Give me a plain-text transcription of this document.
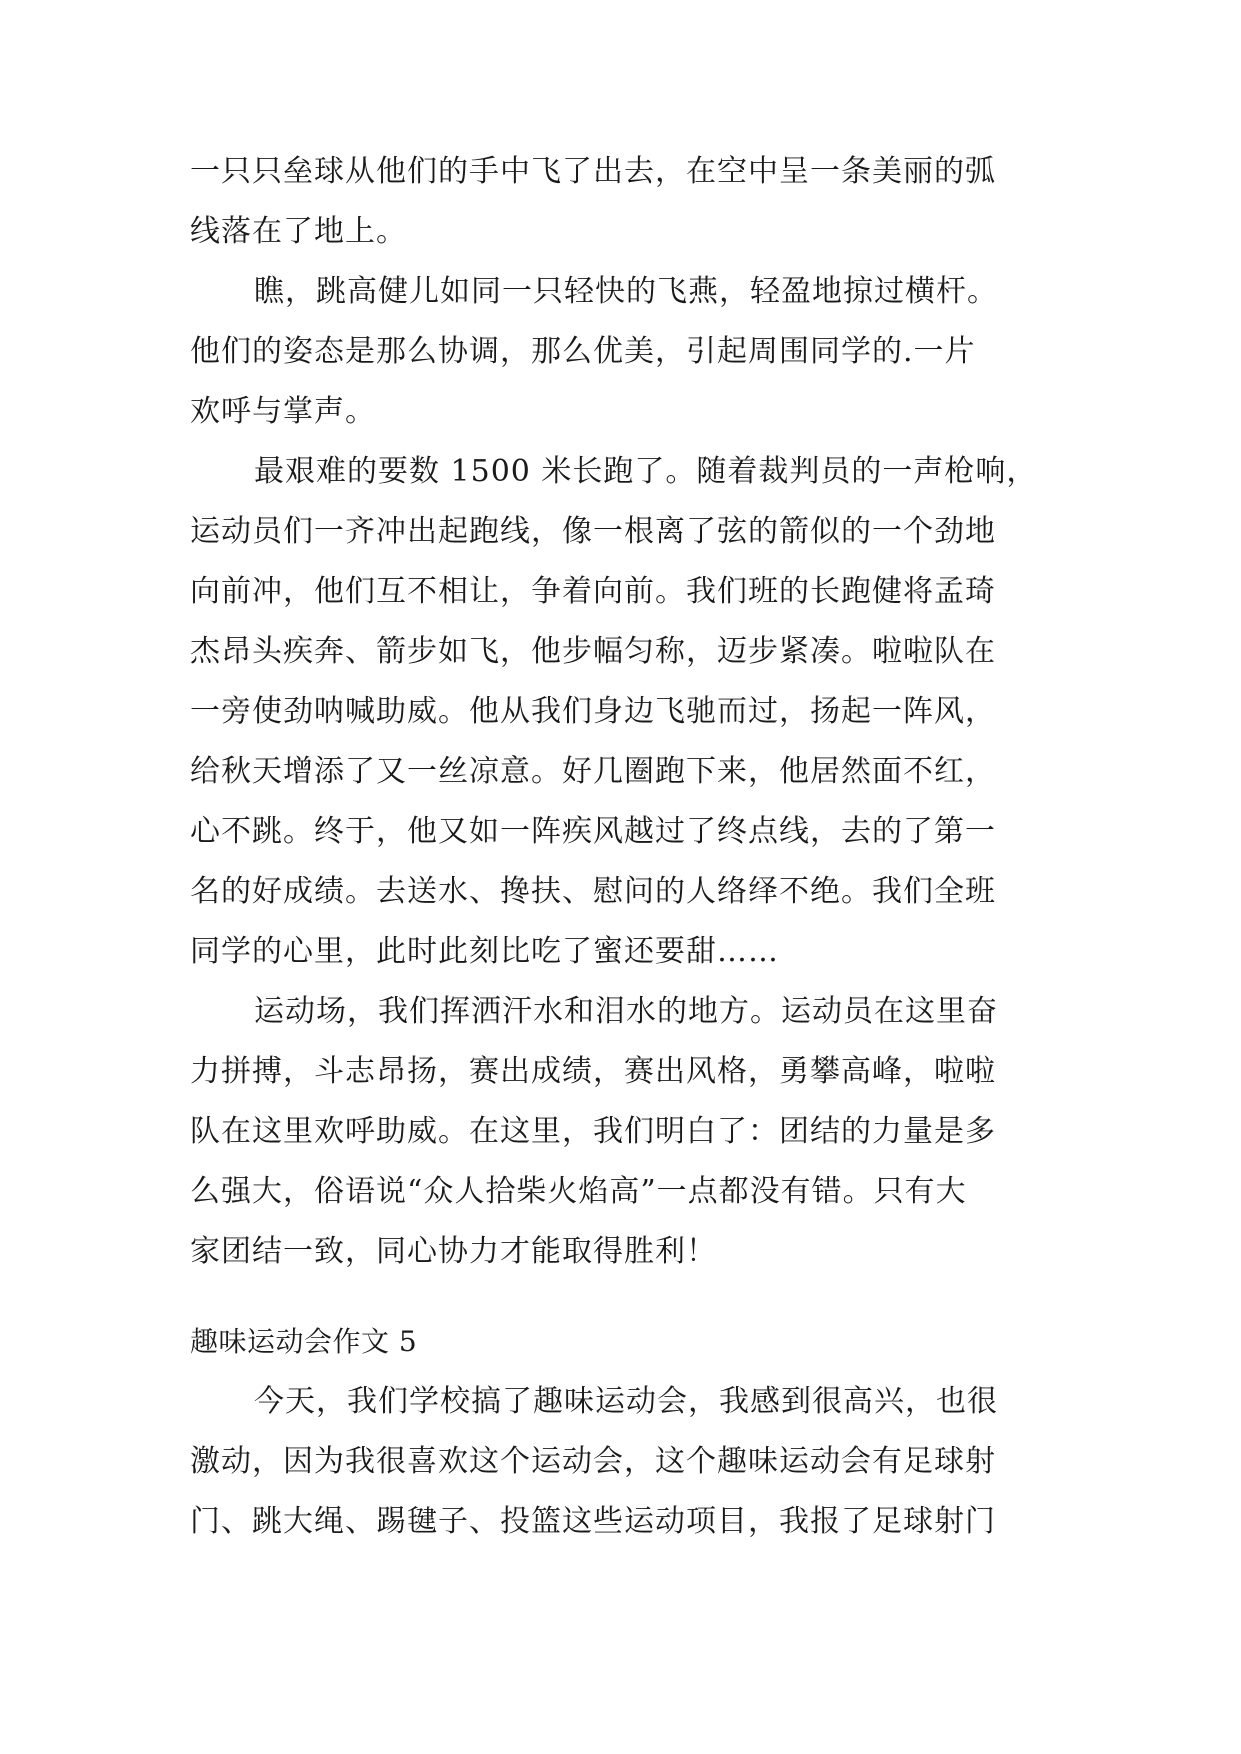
一只只垒球从他们的手中飞了出去，在空中呈一条美丽的弧
线落在了地上。
瞧，跳高健儿如同一只轻快的飞燕，轻盈地掠过横杆。
他们的姿态是那么协调，那么优美，引起周围同学的.一片
欢呼与掌声。
最艰难的要数 1500 米长跑了。随着裁判员的一声枪响，
运动员们一齐冲出起跑线，像一根离了弦的箭似的一个劲地
向前冲，他们互不相让，争着向前。我们班的长跑健将孟琦
杰昂头疾奔、箭步如飞，他步幅匀称，迈步紧凑。啦啦队在
一旁使劲呐喊助威。他从我们身边飞驰而过，扬起一阵风，
给秋天增添了又一丝凉意。好几圈跑下来，他居然面不红，
心不跳。终于，他又如一阵疾风越过了终点线，去的了第一
名的好成绩。去送水、搀扶、慰问的人络绎不绝。我们全班
同学的心里，此时此刻比吃了蜜还要甜……
运动场，我们挥洒汗水和泪水的地方。运动员在这里奋
力拼搏，斗志昂扬，赛出成绩，赛出风格，勇攀高峰，啦啦
队在这里欢呼助威。在这里，我们明白了：团结的力量是多
么强大，俗语说“众人拾柴火焰高”一点都没有错。只有大
家团结一致，同心协力才能取得胜利！
趣味运动会作文 5
今天，我们学校搞了趣味运动会，我感到很高兴，也很
激动，因为我很喜欢这个运动会，这个趣味运动会有足球射
门、跳大绳、踢毽子、投篮这些运动项目，我报了足球射门
